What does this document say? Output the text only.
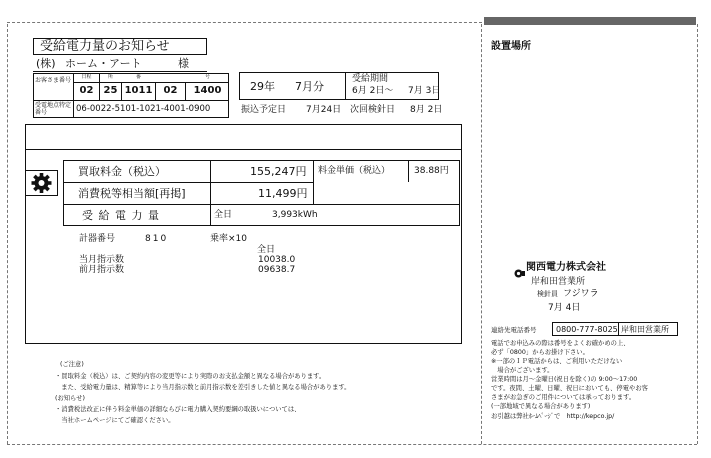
受給電力量のお知らせ
(株) ホーム・アート	様
お客さま番号	日程	所	番	号
02	25 1011	02	1400
受電地点特定番号	06-0022-5101-1021-4001-0900
29年 7月分
受給期間
6月 2日～ 7月 3日
振込予定日 7月24日 次回検針日 8月 2日
買取料金（税込）	155,247円 料金単価（税込）	38.88円
消費税等相当額[再掲]	11,499円
受 給 電 力 量	全日	3,993kWh
計器番号	810	乗率×10
全日
当月指示数	10038.0
前月指示数	09638.7
(ご注意)
・買取料金（税込）は、ご契約内容の変更等により実際のお支払金額と異なる場合があります。
　また、受給電力量は、精算等により当月指示数と前月指示数を差引きした値と異なる場合があります。
(お知らせ)
・消費税法改正に伴う料金単価の詳細ならびに電力購入契約要綱の取扱いについては、
　当社ホームページにてご確認ください。
設置場所
関西電力株式会社
岸和田営業所
検針員 フジワラ
7月 4日
連絡先電話番号 0800-777-8025 岸和田営業所
電話でお申込みの際は番号をよくお確かめの上、
必ず「0800」からお掛け下さい。
※一部のＩＰ電話からは、ご利用いただけない
　場合がございます。
営業時間は月～金曜日(祝日を除く)の 9:00～17:00
です。夜間、土曜、日曜、祝日においても、停電やお客
さまがお急ぎのご用件については承っております。
(一部地域で異なる場合があります)
お引越は弊社ﾎｰﾑﾍﾟｰｼﾞで　http://kepco.jp/
